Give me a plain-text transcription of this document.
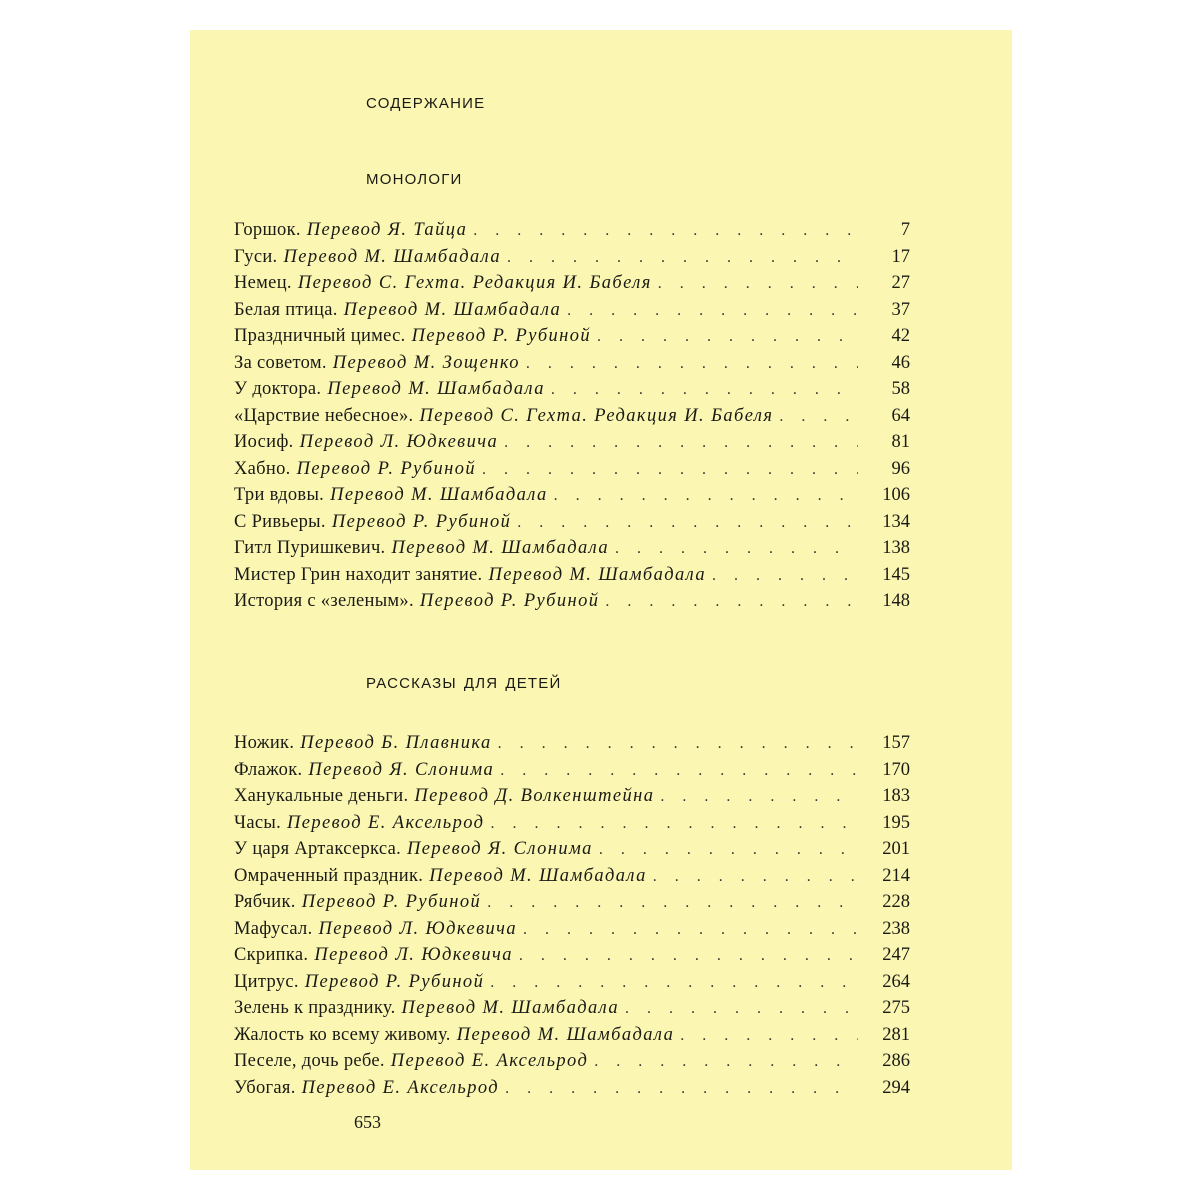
содержание
монологи
Горшок. Перевод Я. Тайца . . .	7
Гуси. Перевод М. Шамбадала . . .	17
Немец. Перевод С. Гехта. Редакция И. Бабеля . . .	27
Белая птица. Перевод М. Шамбадала . . .	37
Праздничный цимес. Перевод Р. Рубиной . . .	42
За советом. Перевод М. Зощенко . . .	46
У доктора. Перевод М. Шамбадала . . .	58
«Царствие небесное». Перевод С. Гехта. Редакция И. Бабеля . . .	64
Иосиф. Перевод Л. Юдкевича . . .	81
Хабно. Перевод Р. Рубиной . . .	96
Три вдовы. Перевод М. Шамбадала . . .	106
С Ривьеры. Перевод Р. Рубиной . . .	134
Гитл Пуришкевич. Перевод М. Шамбадала . . .	138
Мистер Грин находит занятие. Перевод М. Шамбадала . . .	145
История с «зеленым». Перевод Р. Рубиной . . .	148
рассказы для детей
Ножик. Перевод Б. Плавника . . .	157
Флажок. Перевод Я. Слонима . . .	170
Ханукальные деньги. Перевод Д. Волкенштейна . . .	183
Часы. Перевод Е. Аксельрод . . .	195
У царя Артаксеркса. Перевод Я. Слонима . . .	201
Омраченный праздник. Перевод М. Шамбадала . . .	214
Рябчик. Перевод Р. Рубиной . . .	228
Мафусал. Перевод Л. Юдкевича . . .	238
Скрипка. Перевод Л. Юдкевича . . .	247
Цитрус. Перевод Р. Рубиной . . .	264
Зелень к празднику. Перевод М. Шамбадала . . .	275
Жалость ко всему живому. Перевод М. Шамбадала . . .	281
Песеле, дочь ребе. Перевод Е. Аксельрод . . .	286
Убогая. Перевод Е. Аксельрод . . .	294
653
